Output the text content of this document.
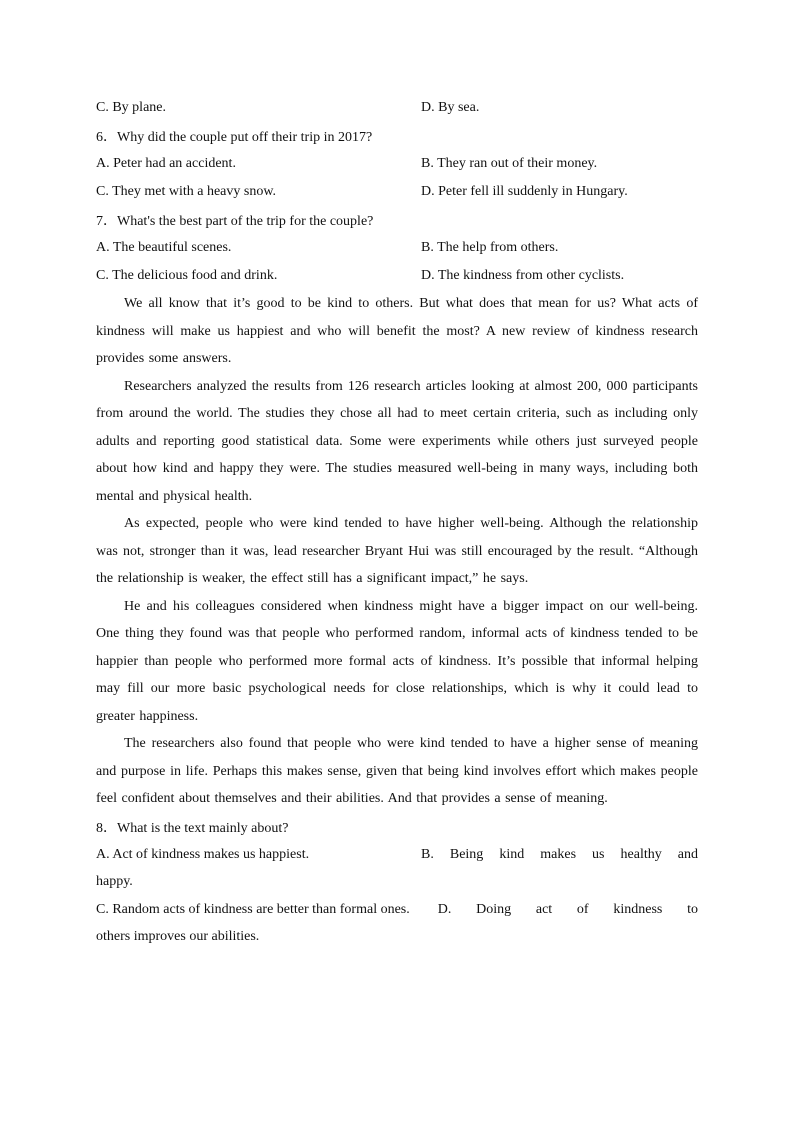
C. By plane.	D. By sea.
6．Why did the couple put off their trip in 2017?
A. Peter had an accident.	B. They ran out of their money.
C. They met with a heavy snow.	D. Peter fell ill suddenly in Hungary.
7．What's the best part of the trip for the couple?
A. The beautiful scenes.	B. The help from others.
C. The delicious food and drink.	D. The kindness from other cyclists.

We all know that it’s good to be kind to others. But what does that mean for us? What acts of kindness will make us happiest and who will benefit the most? A new review of kindness research provides some answers.

Researchers analyzed the results from 126 research articles looking at almost 200, 000 participants from around the world. The studies they chose all had to meet certain criteria, such as including only adults and reporting good statistical data. Some were experiments while others just surveyed people about how kind and happy they were. The studies measured well-being in many ways, including both mental and physical health.

As expected, people who were kind tended to have higher well-being. Although the relationship was not, stronger than it was, lead researcher Bryant Hui was still encouraged by the result. “Although the relationship is weaker, the effect still has a significant impact,” he says.

He and his colleagues considered when kindness might have a bigger impact on our well-being. One thing they found was that people who performed random, informal acts of kindness tended to be happier than people who performed more formal acts of kindness. It’s possible that informal helping may fill our more basic psychological needs for close relationships, which is why it could lead to greater happiness.

The researchers also found that people who were kind tended to have a higher sense of meaning and purpose in life. Perhaps this makes sense, given that being kind involves effort which makes people feel confident about themselves and their abilities. And that provides a sense of meaning.

8．What is the text mainly about?
A. Act of kindness makes us happiest.	B. Being kind makes us healthy and
happy.
C. Random acts of kindness are better than formal ones. D. Doing act of kindness to
others improves our abilities.
